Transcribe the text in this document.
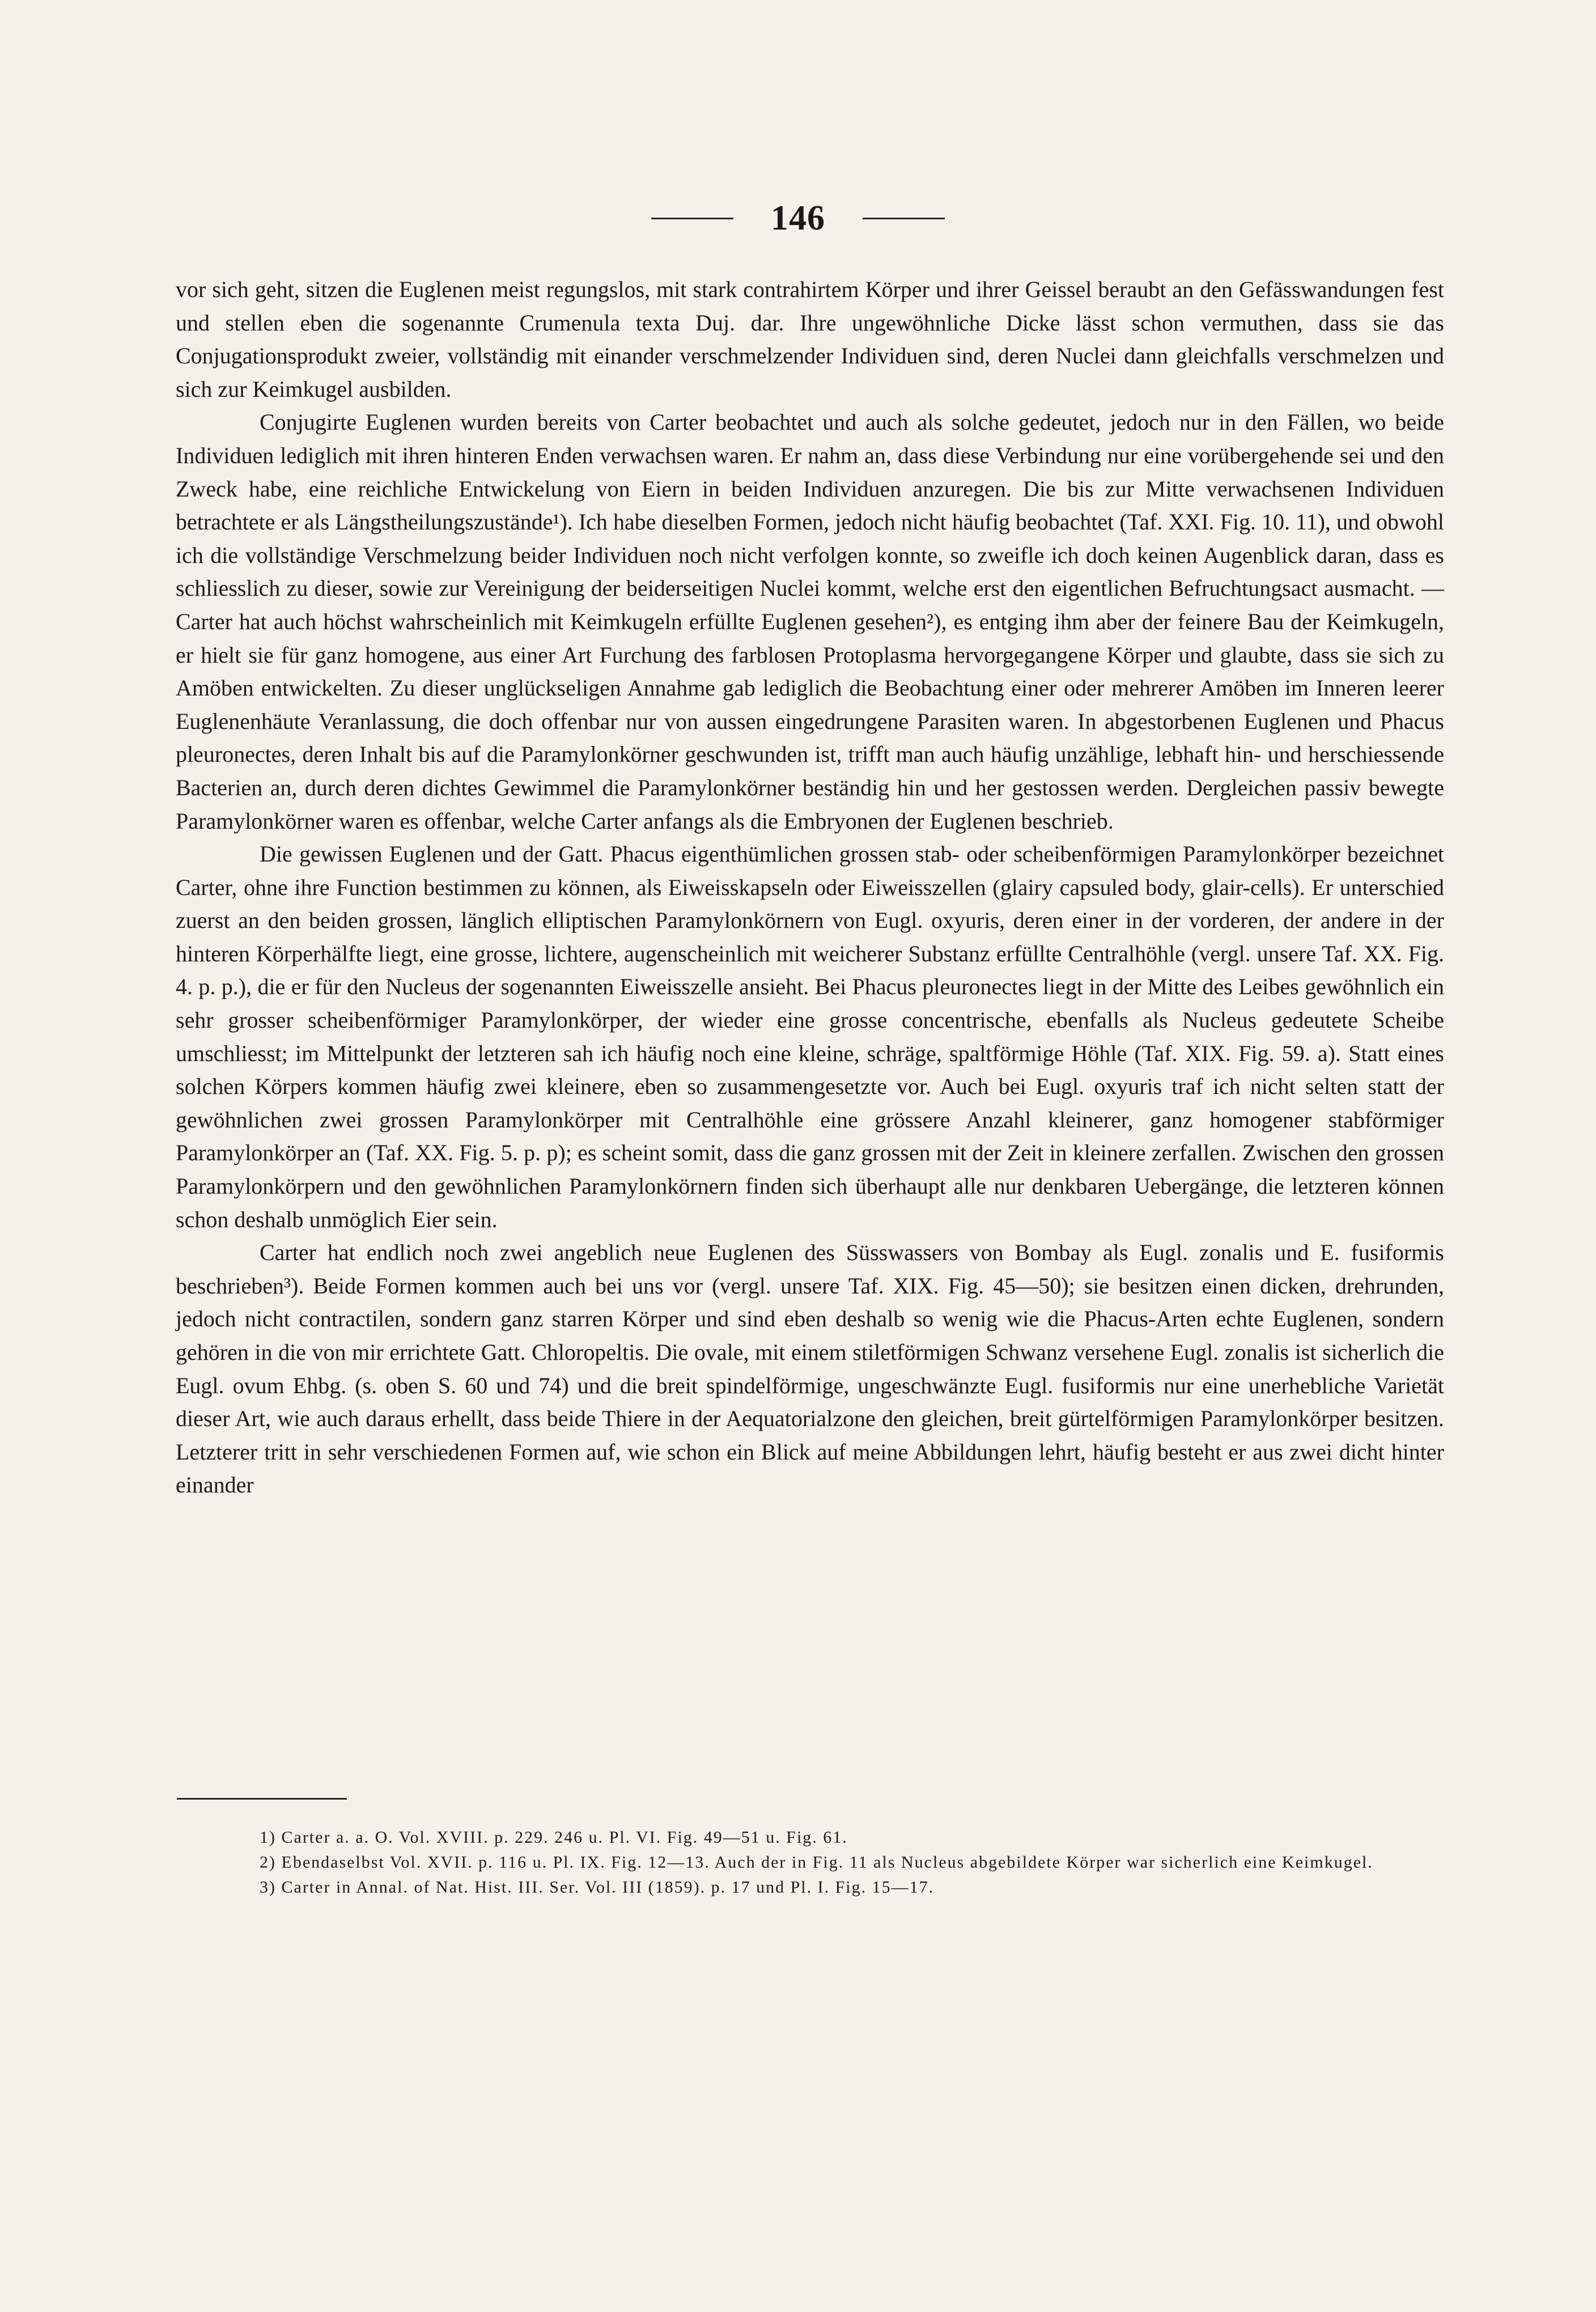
146

vor sich geht, sitzen die Euglenen meist regungslos, mit stark contrahirtem Körper und ihrer Geissel beraubt an den Gefässwandungen fest und stellen eben die sogenannte Crumenula texta Duj. dar. Ihre ungewöhnliche Dicke lässt schon vermuthen, dass sie das Conjugationsprodukt zweier, vollständig mit einander verschmelzender Individuen sind, deren Nuclei dann gleichfalls verschmelzen und sich zur Keimkugel ausbilden.

Conjugirte Euglenen wurden bereits von Carter beobachtet und auch als solche gedeutet, jedoch nur in den Fällen, wo beide Individuen lediglich mit ihren hinteren Enden verwachsen waren. Er nahm an, dass diese Verbindung nur eine vorübergehende sei und den Zweck habe, eine reichliche Entwickelung von Eiern in beiden Individuen anzuregen. Die bis zur Mitte verwachsenen Individuen betrachtete er als Längstheilungszustände¹). Ich habe dieselben Formen, jedoch nicht häufig beobachtet (Taf. XXI. Fig. 10. 11), und obwohl ich die vollständige Verschmelzung beider Individuen noch nicht verfolgen konnte, so zweifle ich doch keinen Augenblick daran, dass es schliesslich zu dieser, sowie zur Vereinigung der beiderseitigen Nuclei kommt, welche erst den eigentlichen Befruchtungsact ausmacht. — Carter hat auch höchst wahrscheinlich mit Keimkugeln erfüllte Euglenen gesehen²), es entging ihm aber der feinere Bau der Keimkugeln, er hielt sie für ganz homogene, aus einer Art Furchung des farblosen Protoplasma hervorgegangene Körper und glaubte, dass sie sich zu Amöben entwickelten. Zu dieser unglückseligen Annahme gab lediglich die Beobachtung einer oder mehrerer Amöben im Inneren leerer Euglenenhäute Veranlassung, die doch offenbar nur von aussen eingedrungene Parasiten waren. In abgestorbenen Euglenen und Phacus pleuronectes, deren Inhalt bis auf die Paramylonkörner geschwunden ist, trifft man auch häufig unzählige, lebhaft hin- und herschiessende Bacterien an, durch deren dichtes Gewimmel die Paramylonkörner beständig hin und her gestossen werden. Dergleichen passiv bewegte Paramylonkörner waren es offenbar, welche Carter anfangs als die Embryonen der Euglenen beschrieb.

Die gewissen Euglenen und der Gatt. Phacus eigenthümlichen grossen stab- oder scheibenförmigen Paramylonkörper bezeichnet Carter, ohne ihre Function bestimmen zu können, als Eiweisskapseln oder Eiweisszellen (glairy capsuled body, glair-cells). Er unterschied zuerst an den beiden grossen, länglich elliptischen Paramylonkörnern von Eugl. oxyuris, deren einer in der vorderen, der andere in der hinteren Körperhälfte liegt, eine grosse, lichtere, augenscheinlich mit weicherer Substanz erfüllte Centralhöhle (vergl. unsere Taf. XX. Fig. 4. p. p.), die er für den Nucleus der sogenannten Eiweisszelle ansieht. Bei Phacus pleuronectes liegt in der Mitte des Leibes gewöhnlich ein sehr grosser scheibenförmiger Paramylonkörper, der wieder eine grosse concentrische, ebenfalls als Nucleus gedeutete Scheibe umschliesst; im Mittelpunkt der letzteren sah ich häufig noch eine kleine, schräge, spaltförmige Höhle (Taf. XIX. Fig. 59. a). Statt eines solchen Körpers kommen häufig zwei kleinere, eben so zusammengesetzte vor. Auch bei Eugl. oxyuris traf ich nicht selten statt der gewöhnlichen zwei grossen Paramylonkörper mit Centralhöhle eine grössere Anzahl kleinerer, ganz homogener stabförmiger Paramylonkörper an (Taf. XX. Fig. 5. p. p); es scheint somit, dass die ganz grossen mit der Zeit in kleinere zerfallen. Zwischen den grossen Paramylonkörpern und den gewöhnlichen Paramylonkörnern finden sich überhaupt alle nur denkbaren Uebergänge, die letzteren können schon deshalb unmöglich Eier sein.

Carter hat endlich noch zwei angeblich neue Euglenen des Süsswassers von Bombay als Eugl. zonalis und E. fusiformis beschrieben³). Beide Formen kommen auch bei uns vor (vergl. unsere Taf. XIX. Fig. 45—50); sie besitzen einen dicken, drehrunden, jedoch nicht contractilen, sondern ganz starren Körper und sind eben deshalb so wenig wie die Phacus-Arten echte Euglenen, sondern gehören in die von mir errichtete Gatt. Chloropeltis. Die ovale, mit einem stiletförmigen Schwanz versehene Eugl. zonalis ist sicherlich die Eugl. ovum Ehbg. (s. oben S. 60 und 74) und die breit spindelförmige, ungeschwänzte Eugl. fusiformis nur eine unerhebliche Varietät dieser Art, wie auch daraus erhellt, dass beide Thiere in der Aequatorialzone den gleichen, breit gürtelförmigen Paramylonkörper besitzen. Letzterer tritt in sehr verschiedenen Formen auf, wie schon ein Blick auf meine Abbildungen lehrt, häufig besteht er aus zwei dicht hinter einander

1) Carter a. a. O. Vol. XVIII. p. 229. 246 u. Pl. VI. Fig. 49—51 u. Fig. 61.

2) Ebendaselbst Vol. XVII. p. 116 u. Pl. IX. Fig. 12—13. Auch der in Fig. 11 als Nucleus abgebildete Körper war sicherlich eine Keimkugel.

3) Carter in Annal. of Nat. Hist. III. Ser. Vol. III (1859). p. 17 und Pl. I. Fig. 15—17.
